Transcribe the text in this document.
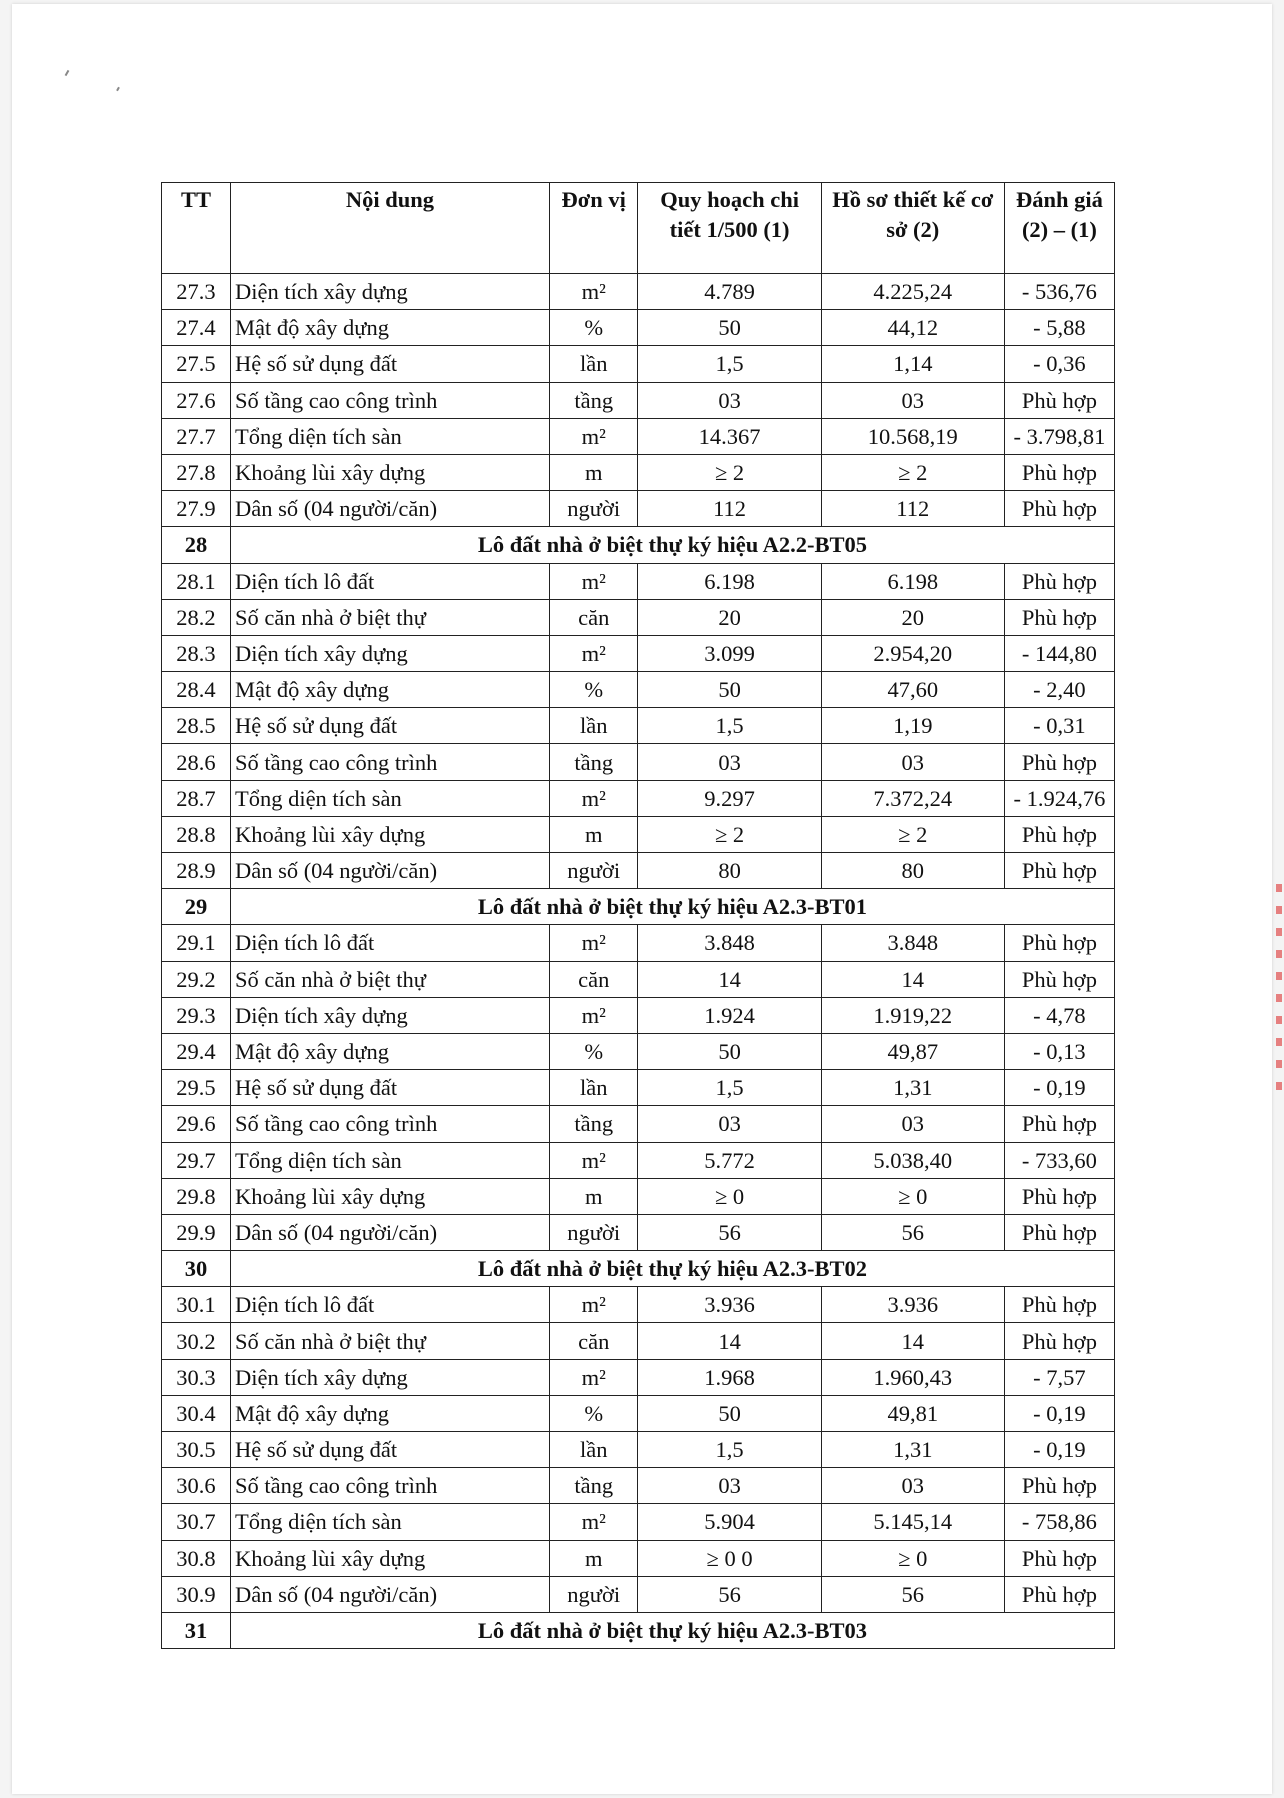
TT	Nội dung	Đơn vị	Quy hoạch chi tiết 1/500 (1)	Hồ sơ thiết kế cơ sở (2)	Đánh giá (2) – (1)
27.3	Diện tích xây dựng	m²	4.789	4.225,24	- 536,76
27.4	Mật độ xây dựng	%	50	44,12	- 5,88
27.5	Hệ số sử dụng đất	lần	1,5	1,14	- 0,36
27.6	Số tầng cao công trình	tầng	03	03	Phù hợp
27.7	Tổng diện tích sàn	m²	14.367	10.568,19	- 3.798,81
27.8	Khoảng lùi xây dựng	m	≥ 2	≥ 2	Phù hợp
27.9	Dân số (04 người/căn)	người	112	112	Phù hợp
28	Lô đất nhà ở biệt thự ký hiệu A2.2-BT05				
28.1	Diện tích lô đất	m²	6.198	6.198	Phù hợp
28.2	Số căn nhà ở biệt thự	căn	20	20	Phù hợp
28.3	Diện tích xây dựng	m²	3.099	2.954,20	- 144,80
28.4	Mật độ xây dựng	%	50	47,60	- 2,40
28.5	Hệ số sử dụng đất	lần	1,5	1,19	- 0,31
28.6	Số tầng cao công trình	tầng	03	03	Phù hợp
28.7	Tổng diện tích sàn	m²	9.297	7.372,24	- 1.924,76
28.8	Khoảng lùi xây dựng	m	≥ 2	≥ 2	Phù hợp
28.9	Dân số (04 người/căn)	người	80	80	Phù hợp
29	Lô đất nhà ở biệt thự ký hiệu A2.3-BT01				
29.1	Diện tích lô đất	m²	3.848	3.848	Phù hợp
29.2	Số căn nhà ở biệt thự	căn	14	14	Phù hợp
29.3	Diện tích xây dựng	m²	1.924	1.919,22	- 4,78
29.4	Mật độ xây dựng	%	50	49,87	- 0,13
29.5	Hệ số sử dụng đất	lần	1,5	1,31	- 0,19
29.6	Số tầng cao công trình	tầng	03	03	Phù hợp
29.7	Tổng diện tích sàn	m²	5.772	5.038,40	- 733,60
29.8	Khoảng lùi xây dựng	m	≥ 0	≥ 0	Phù hợp
29.9	Dân số (04 người/căn)	người	56	56	Phù hợp
30	Lô đất nhà ở biệt thự ký hiệu A2.3-BT02				
30.1	Diện tích lô đất	m²	3.936	3.936	Phù hợp
30.2	Số căn nhà ở biệt thự	căn	14	14	Phù hợp
30.3	Diện tích xây dựng	m²	1.968	1.960,43	- 7,57
30.4	Mật độ xây dựng	%	50	49,81	- 0,19
30.5	Hệ số sử dụng đất	lần	1,5	1,31	- 0,19
30.6	Số tầng cao công trình	tầng	03	03	Phù hợp
30.7	Tổng diện tích sàn	m²	5.904	5.145,14	- 758,86
30.8	Khoảng lùi xây dựng	m	≥ 0 0	≥ 0	Phù hợp
30.9	Dân số (04 người/căn)	người	56	56	Phù hợp
31	Lô đất nhà ở biệt thự ký hiệu A2.3-BT03				
